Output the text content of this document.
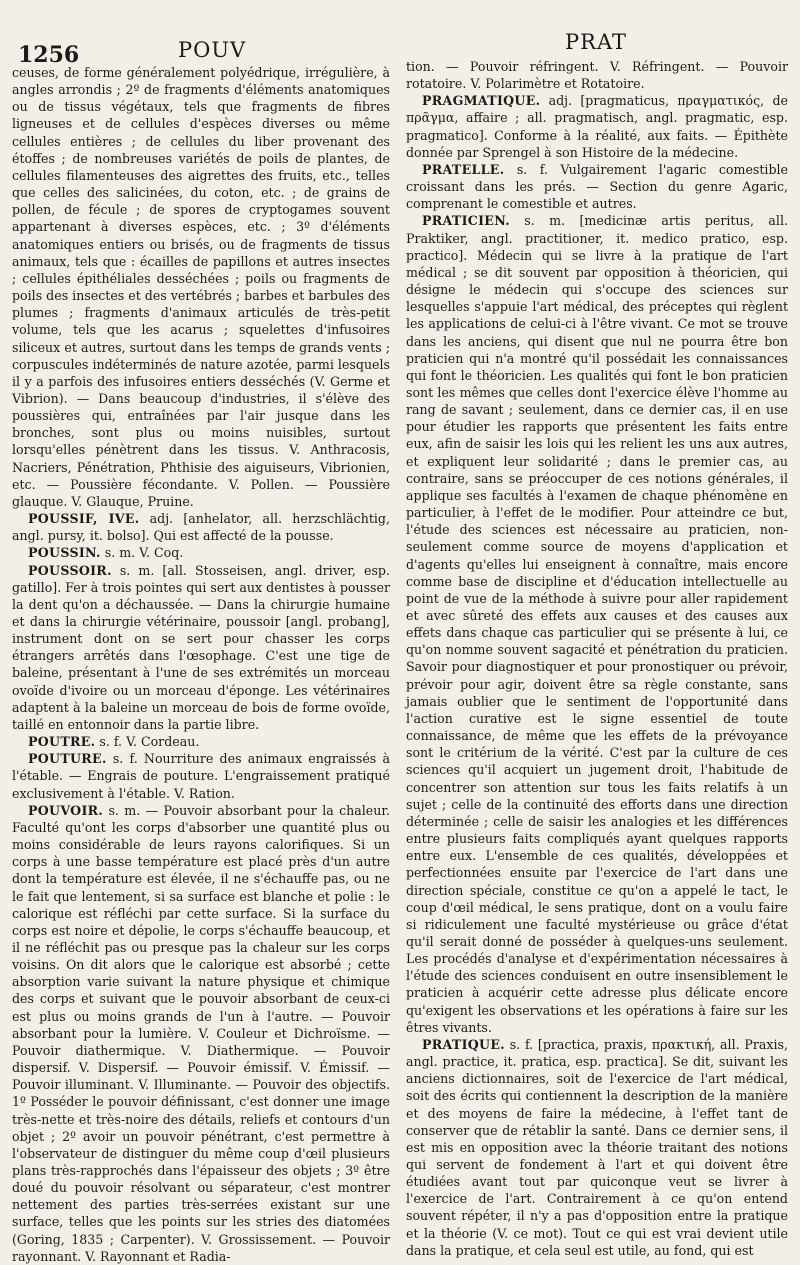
1256	POUV	PRAT

ceuses, de forme généralement polyédrique, irrégulière, à angles arrondis ; 2º de fragments d'éléments anatomiques ou de tissus végétaux, tels que fragments de fibres ligneuses et de cellules d'espèces diverses ou même cellules entières ; de cellules du liber provenant des étoffes ; de nombreuses variétés de poils de plantes, de cellules filamenteuses des aigrettes des fruits, etc., telles que celles des salicinées, du coton, etc. ; de grains de pollen, de fécule ; de spores de cryptogames souvent appartenant à diverses espèces, etc. ; 3º d'éléments anatomiques entiers ou brisés, ou de fragments de tissus animaux, tels que : écailles de papillons et autres insectes ; cellules épithéliales desséchées ; poils ou fragments de poils des insectes et des vertébrés ; barbes et barbules des plumes ; fragments d'animaux articulés de très-petit volume, tels que les acarus ; squelettes d'infusoires siliceux et autres, surtout dans les temps de grands vents ; corpuscules indéterminés de nature azotée, parmi lesquels il y a parfois des infusoires entiers desséchés (V. Germe et Vibrion). — Dans beaucoup d'industries, il s'élève des poussières qui, entraînées par l'air jusque dans les bronches, sont plus ou moins nuisibles, surtout lorsqu'elles pénètrent dans les tissus. V. Anthracosis, Nacriers, Pénétration, Phthisie des aiguiseurs, Vibrionien, etc. — Poussière fécondante. V. Pollen. — Poussière glauque. V. Glauque, Pruine.

POUSSIF, IVE. adj. [anhelator, all. herzschlächtig, angl. pursy, it. bolso]. Qui est affecté de la pousse.

POUSSIN. s. m. V. Coq.

POUSSOIR. s. m. [all. Stosseisen, angl. driver, esp. gatillo]. Fer à trois pointes qui sert aux dentistes à pousser la dent qu'on a déchaussée. — Dans la chirurgie humaine et dans la chirurgie vétérinaire, poussoir [angl. probang], instrument dont on se sert pour chasser les corps étrangers arrêtés dans l'œsophage. C'est une tige de baleine, présentant à l'une de ses extrémités un morceau ovoïde d'ivoire ou un morceau d'éponge. Les vétérinaires adaptent à la baleine un morceau de bois de forme ovoïde, taillé en entonnoir dans la partie libre.

POUTRE. s. f. V. Cordeau.

POUTURE. s. f. Nourriture des animaux engraissés à l'étable. — Engrais de pouture. L'engraissement pratiqué exclusivement à l'étable. V. Ration.

POUVOIR. s. m. — Pouvoir absorbant pour la chaleur. Faculté qu'ont les corps d'absorber une quantité plus ou moins considérable de leurs rayons calorifiques. Si un corps à une basse température est placé près d'un autre dont la température est élevée, il ne s'échauffe pas, ou ne le fait que lentement, si sa surface est blanche et polie : le calorique est réfléchi par cette surface. Si la surface du corps est noire et dépolie, le corps s'échauffe beaucoup, et il ne réfléchit pas ou presque pas la chaleur sur les corps voisins. On dit alors que le calorique est absorbé ; cette absorption varie suivant la nature physique et chimique des corps et suivant que le pouvoir absorbant de ceux-ci est plus ou moins grands de l'un à l'autre. — Pouvoir absorbant pour la lumière. V. Couleur et Dichroïsme. — Pouvoir diathermique. V. Diathermique. — Pouvoir dispersif. V. Dispersif. — Pouvoir émissif. V. Émissif. — Pouvoir illuminant. V. Illuminante. — Pouvoir des objectifs. 1º Posséder le pouvoir définissant, c'est donner une image très-nette et très-noire des détails, reliefs et contours d'un objet ; 2º avoir un pouvoir pénétrant, c'est permettre à l'observateur de distinguer du même coup d'œil plusieurs plans très-rapprochés dans l'épaisseur des objets ; 3º être doué du pouvoir résolvant ou séparateur, c'est montrer nettement des parties très-serrées existant sur une surface, telles que les points sur les stries des diatomées (Goring, 1835 ; Carpenter). V. Grossissement. — Pouvoir rayonnant. V. Rayonnant et Radia-

tion. — Pouvoir réfringent. V. Réfringent. — Pouvoir rotatoire. V. Polarimètre et Rotatoire.

PRAGMATIQUE. adj. [pragmaticus, πραγματικός, de πρᾶγμα, affaire ; all. pragmatisch, angl. pragmatic, esp. pragmatico]. Conforme à la réalité, aux faits. — Épithète donnée par Sprengel à son Histoire de la médecine.

PRATELLE. s. f. Vulgairement l'agaric comestible croissant dans les prés. — Section du genre Agaric, comprenant le comestible et autres.

PRATICIEN. s. m. [medicinæ artis peritus, all. Praktiker, angl. practitioner, it. medico pratico, esp. practico]. Médecin qui se livre à la pratique de l'art médical ; se dit souvent par opposition à théoricien, qui désigne le médecin qui s'occupe des sciences sur lesquelles s'appuie l'art médical, des préceptes qui règlent les applications de celui-ci à l'être vivant. Ce mot se trouve dans les anciens, qui disent que nul ne pourra être bon praticien qui n'a montré qu'il possédait les connaissances qui font le théoricien. Les qualités qui font le bon praticien sont les mêmes que celles dont l'exercice élève l'homme au rang de savant ; seulement, dans ce dernier cas, il en use pour étudier les rapports que présentent les faits entre eux, afin de saisir les lois qui les relient les uns aux autres, et expliquent leur solidarité ; dans le premier cas, au contraire, sans se préoccuper de ces notions générales, il applique ses facultés à l'examen de chaque phénomène en particulier, à l'effet de le modifier. Pour atteindre ce but, l'étude des sciences est nécessaire au praticien, non-seulement comme source de moyens d'application et d'agents qu'elles lui enseignent à connaître, mais encore comme base de discipline et d'éducation intellectuelle au point de vue de la méthode à suivre pour aller rapidement et avec sûreté des effets aux causes et des causes aux effets dans chaque cas particulier qui se présente à lui, ce qu'on nomme souvent sagacité et pénétration du praticien. Savoir pour diagnostiquer et pour pronostiquer ou prévoir, prévoir pour agir, doivent être sa règle constante, sans jamais oublier que le sentiment de l'opportunité dans l'action curative est le signe essentiel de toute connaissance, de même que les effets de la prévoyance sont le critérium de la vérité. C'est par la culture de ces sciences qu'il acquiert un jugement droit, l'habitude de concentrer son attention sur tous les faits relatifs à un sujet ; celle de la continuité des efforts dans une direction déterminée ; celle de saisir les analogies et les différences entre plusieurs faits compliqués ayant quelques rapports entre eux. L'ensemble de ces qualités, développées et perfectionnées ensuite par l'exercice de l'art dans une direction spéciale, constitue ce qu'on a appelé le tact, le coup d'œil médical, le sens pratique, dont on a voulu faire si ridiculement une faculté mystérieuse ou grâce d'état qu'il serait donné de posséder à quelques-uns seulement. Les procédés d'analyse et d'expérimentation nécessaires à l'étude des sciences conduisent en outre insensiblement le praticien à acquérir cette adresse plus délicate encore qu'exigent les observations et les opérations à faire sur les êtres vivants.

PRATIQUE. s. f. [practica, praxis, πρακτική, all. Praxis, angl. practice, it. pratica, esp. practica]. Se dit, suivant les anciens dictionnaires, soit de l'exercice de l'art médical, soit des écrits qui contiennent la description de la manière et des moyens de faire la médecine, à l'effet tant de conserver que de rétablir la santé. Dans ce dernier sens, il est mis en opposition avec la théorie traitant des notions qui servent de fondement à l'art et qui doivent être étudiées avant tout par quiconque veut se livrer à l'exercice de l'art. Contrairement à ce qu'on entend souvent répéter, il n'y a pas d'opposition entre la pratique et la théorie (V. ce mot). Tout ce qui est vrai devient utile dans la pratique, et cela seul est utile, au fond, qui est
